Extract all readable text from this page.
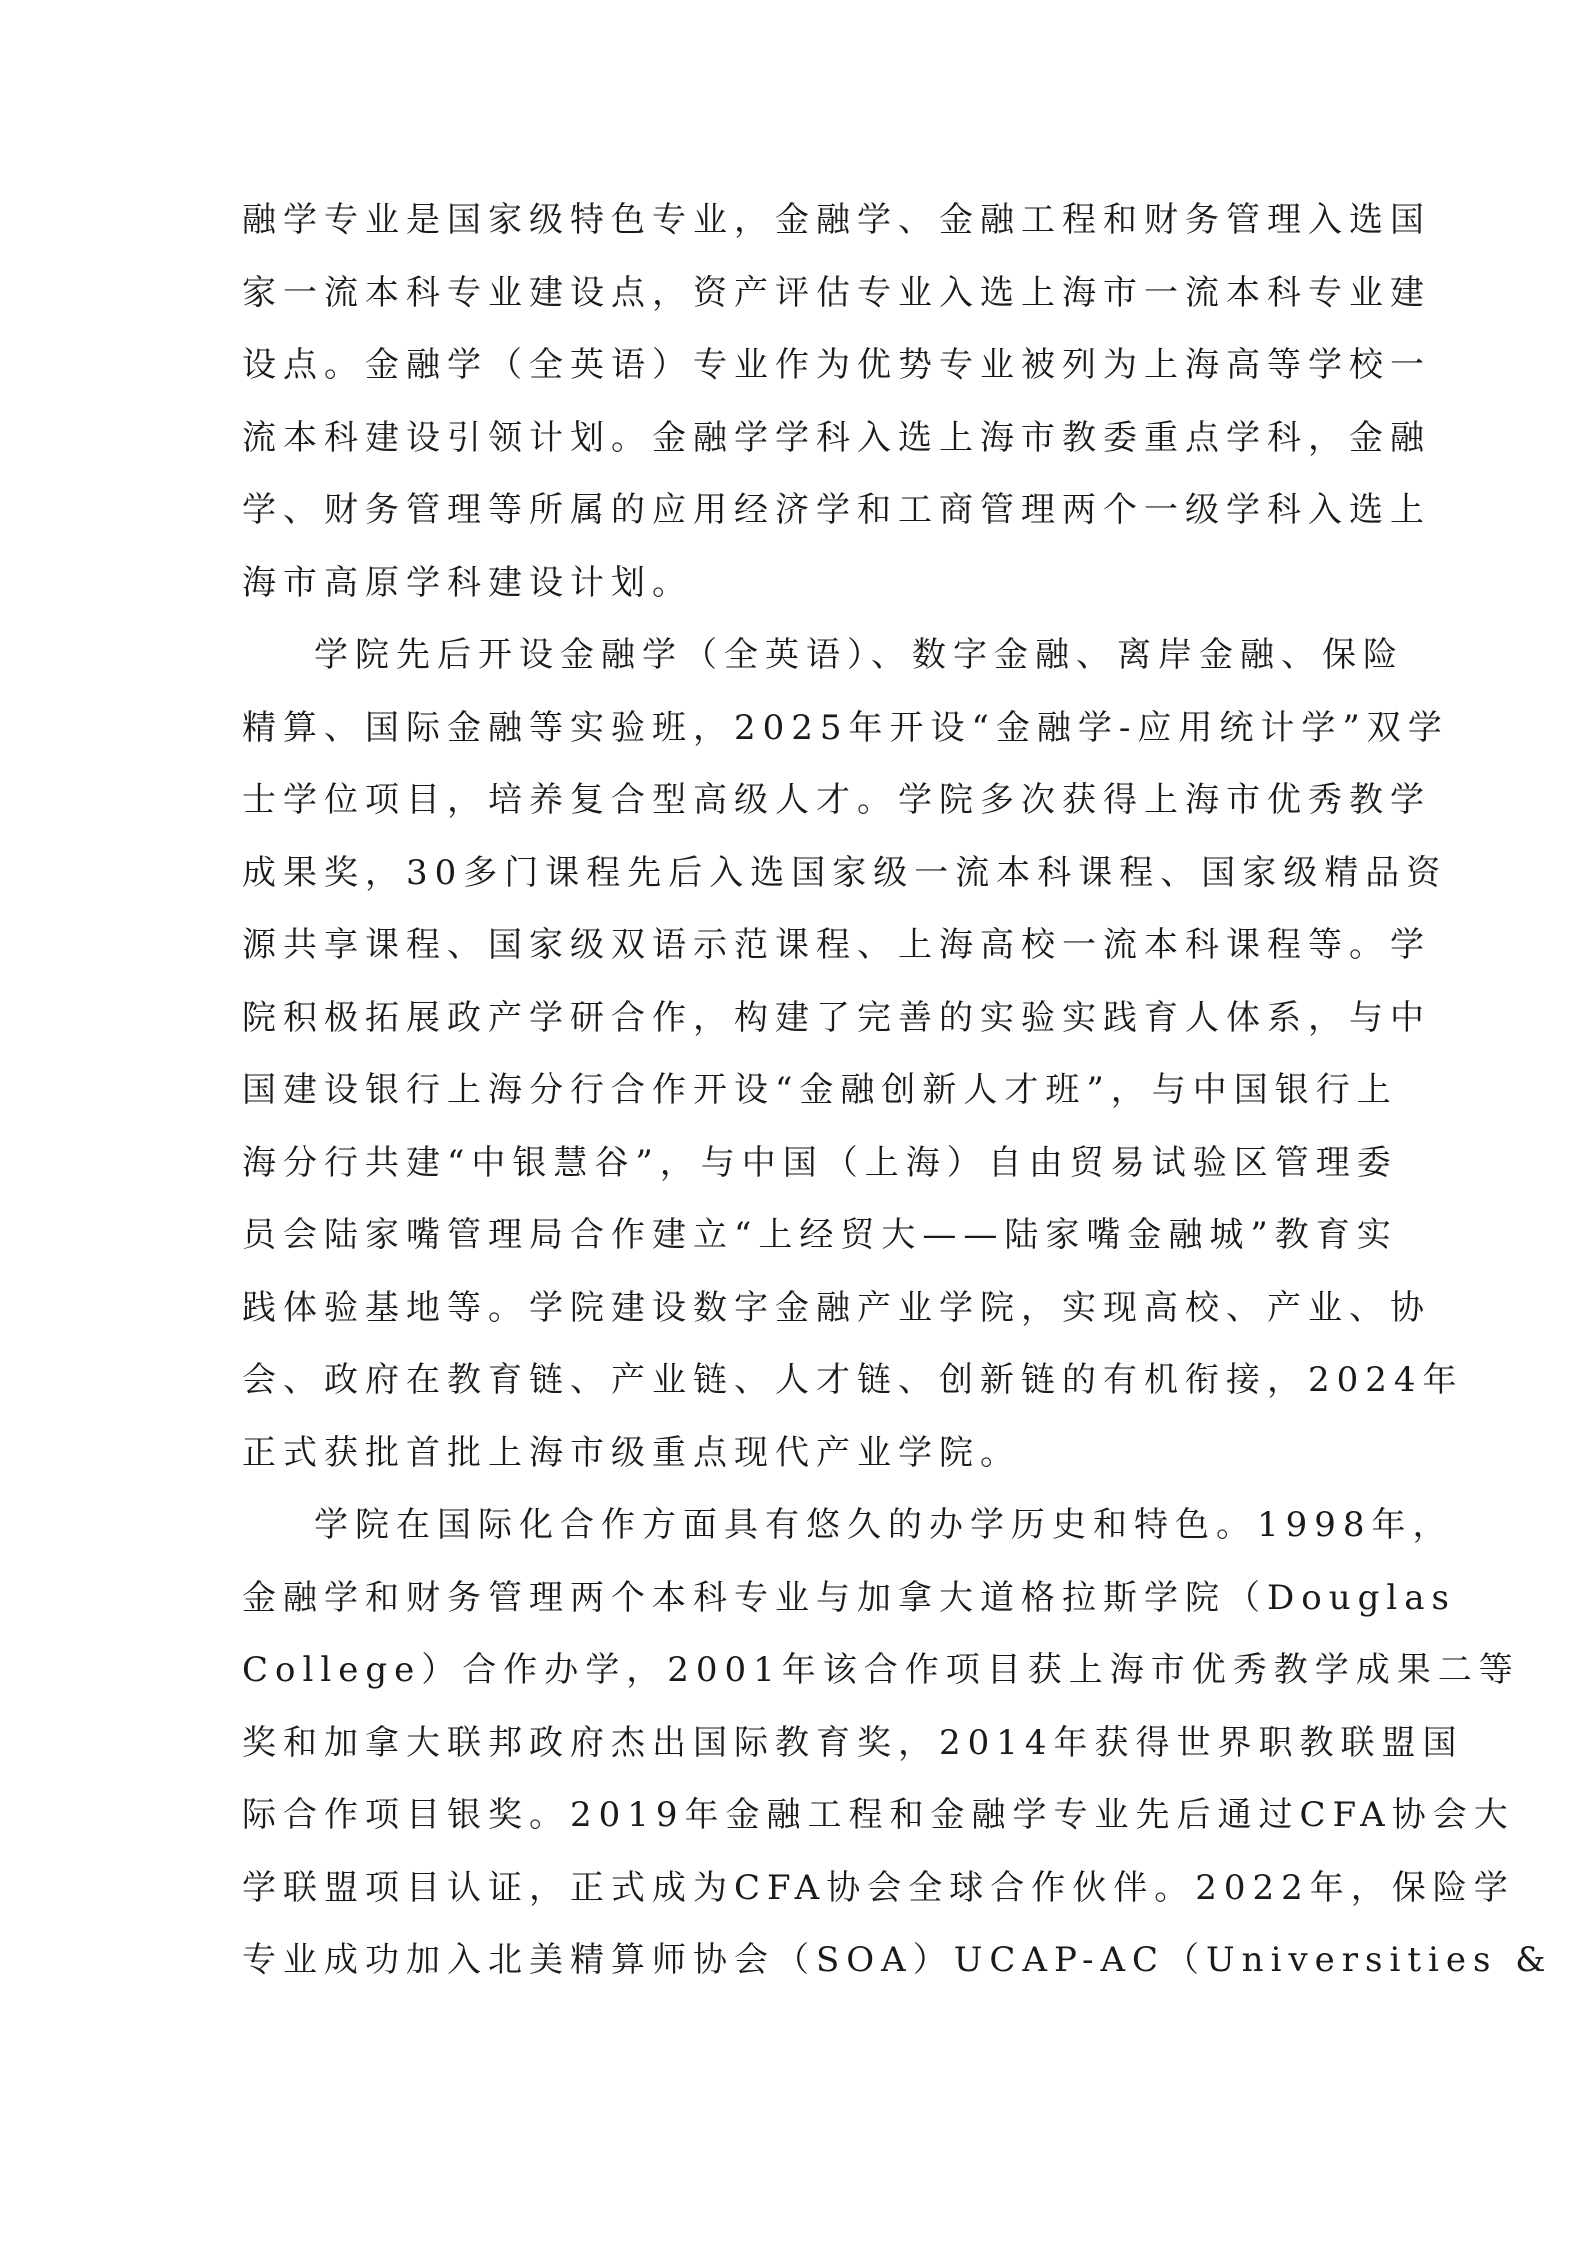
融学专业是国家级特色专业，金融学、金融工程和财务管理入选国
家一流本科专业建设点，资产评估专业入选上海市一流本科专业建
设点。金融学（全英语）专业作为优势专业被列为上海高等学校一
流本科建设引领计划。金融学学科入选上海市教委重点学科，金融
学、财务管理等所属的应用经济学和工商管理两个一级学科入选上
海市高原学科建设计划。
学院先后开设金融学（全英语）、数字金融、离岸金融、保险
精算、国际金融等实验班，2025年开设“金融学-应用统计学”双学
士学位项目，培养复合型高级人才。学院多次获得上海市优秀教学
成果奖，30多门课程先后入选国家级一流本科课程、国家级精品资
源共享课程、国家级双语示范课程、上海高校一流本科课程等。学
院积极拓展政产学研合作，构建了完善的实验实践育人体系，与中
国建设银行上海分行合作开设“金融创新人才班”，与中国银行上
海分行共建“中银慧谷”，与中国（上海）自由贸易试验区管理委
员会陆家嘴管理局合作建立“上经贸大——陆家嘴金融城”教育实
践体验基地等。学院建设数字金融产业学院，实现高校、产业、协
会、政府在教育链、产业链、人才链、创新链的有机衔接，2024年
正式获批首批上海市级重点现代产业学院。
学院在国际化合作方面具有悠久的办学历史和特色。1998年，
金融学和财务管理两个本科专业与加拿大道格拉斯学院（Douglas
College）合作办学，2001年该合作项目获上海市优秀教学成果二等
奖和加拿大联邦政府杰出国际教育奖，2014年获得世界职教联盟国
际合作项目银奖。2019年金融工程和金融学专业先后通过CFA协会大
学联盟项目认证，正式成为CFA协会全球合作伙伴。2022年，保险学
专业成功加入北美精算师协会（SOA）UCAP-AC（Universities &
